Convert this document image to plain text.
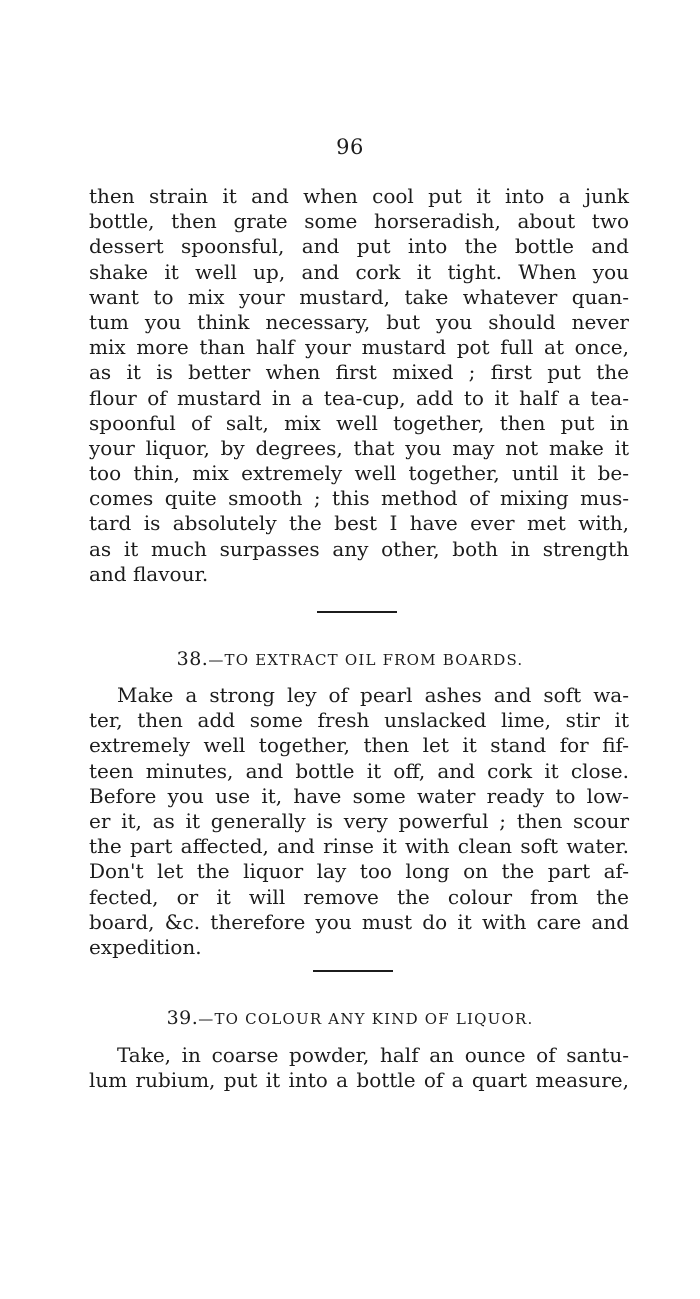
96
then strain it and when cool put it into a junk
bottle, then grate some horseradish, about two
dessert spoonsful, and put into the bottle and
shake it well up, and cork it tight. When you
want to mix your mustard, take whatever quan-
tum you think necessary, but you should never
mix more than half your mustard pot full at once,
as it is better when first mixed ; first put the
flour of mustard in a tea-cup, add to it half a tea-
spoonful of salt, mix well together, then put in
your liquor, by degrees, that you may not make it
too thin, mix extremely well together, until it be-
comes quite smooth ; this method of mixing mus-
tard is absolutely the best I have ever met with,
as it much surpasses any other, both in strength
and flavour.
38.—TO EXTRACT OIL FROM BOARDS.
Make a strong ley of pearl ashes and soft wa-
ter, then add some fresh unslacked lime, stir it
extremely well together, then let it stand for fif-
teen minutes, and bottle it off, and cork it close.
Before you use it, have some water ready to low-
er it, as it generally is very powerful ; then scour
the part affected, and rinse it with clean soft water.
Don't let the liquor lay too long on the part af-
fected, or it will remove the colour from the
board, &c. therefore you must do it with care and
expedition.
39.—TO COLOUR ANY KIND OF LIQUOR.
Take, in coarse powder, half an ounce of santu-
lum rubium, put it into a bottle of a quart measure,
